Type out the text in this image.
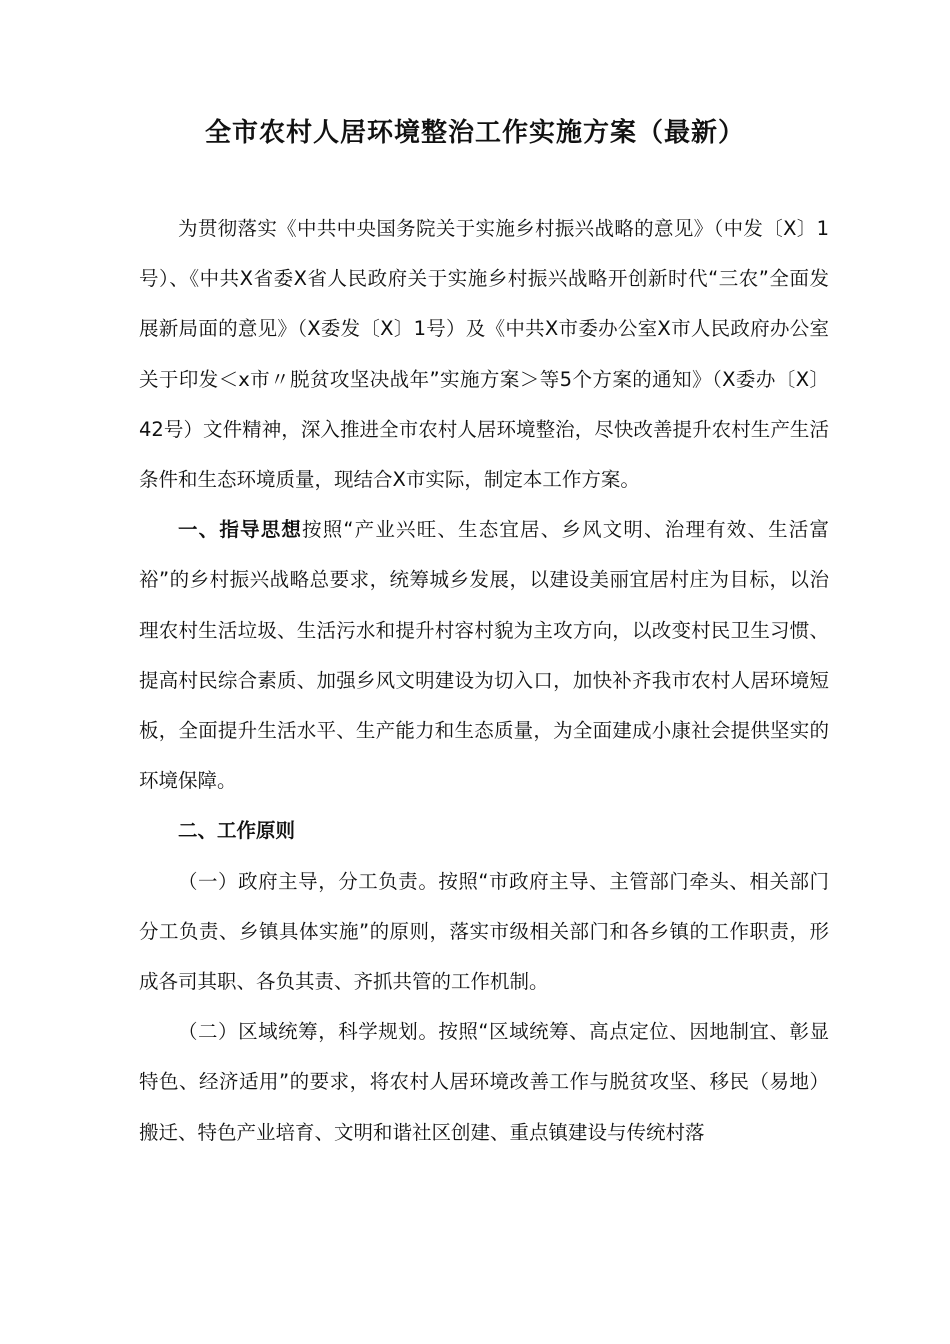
全市农村人居环境整治工作实施方案（最新）

为贯彻落实《中共中央国务院关于实施乡村振兴战略的意见》（中发〔X〕1号）、《中共X省委X省人民政府关于实施乡村振兴战略开创新时代“三农”全面发展新局面的意见》（X委发〔X〕1号）及《中共X市委办公室X市人民政府办公室关于印发＜x市〃脱贫攻坚决战年”实施方案＞等5个方案的通知》（X委办〔X〕42号）文件精神，深入推进全市农村人居环境整治，尽快改善提升农村生产生活条件和生态环境质量，现结合X市实际，制定本工作方案。

一、指导思想按照“产业兴旺、生态宜居、乡风文明、治理有效、生活富裕”的乡村振兴战略总要求，统筹城乡发展，以建设美丽宜居村庄为目标，以治理农村生活垃圾、生活污水和提升村容村貌为主攻方向，以改变村民卫生习惯、提高村民综合素质、加强乡风文明建设为切入口，加快补齐我市农村人居环境短板，全面提升生活水平、生产能力和生态质量，为全面建成小康社会提供坚实的环境保障。

二、工作原则

（一）政府主导，分工负责。按照“市政府主导、主管部门牵头、相关部门分工负责、乡镇具体实施”的原则，落实市级相关部门和各乡镇的工作职责，形成各司其职、各负其责、齐抓共管的工作机制。

（二）区域统筹，科学规划。按照“区域统筹、高点定位、因地制宜、彰显特色、经济适用”的要求，将农村人居环境改善工作与脱贫攻坚、移民（易地）搬迁、特色产业培育、文明和谐社区创建、重点镇建设与传统村落
